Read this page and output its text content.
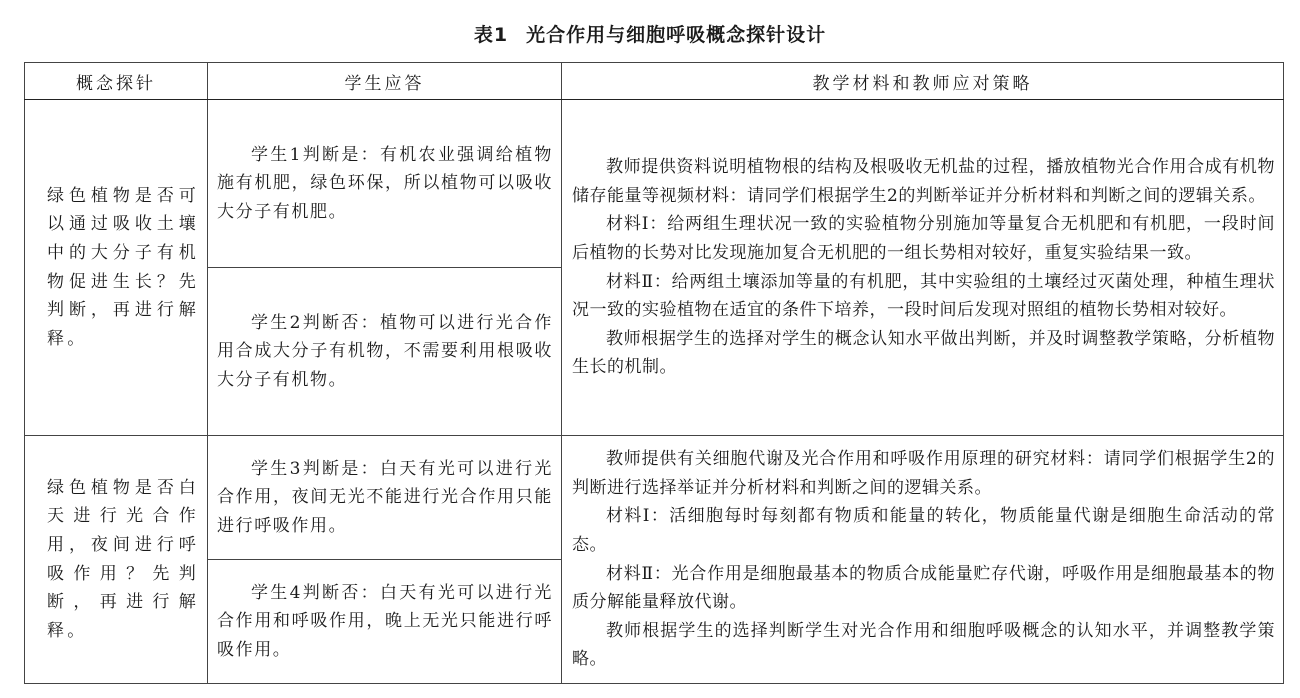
表1 光合作用与细胞呼吸概念探针设计
概念探针	学生应答	教学材料和教师应对策略
绿色植物是否可以通过吸收土壤中的大分子有机物促进生长？先判断，再进行解释。	学生1判断是：有机农业强调给植物施有机肥，绿色环保，所以植物可以吸收大分子有机肥。	教师提供资料说明植物根的结构及根吸收无机盐的过程，播放植物光合作用合成有机物储存能量等视频材料：请同学们根据学生2的判断举证并分析材料和判断之间的逻辑关系。

材料Ⅰ：给两组生理状况一致的实验植物分别施加等量复合无机肥和有机肥，一段时间后植物的长势对比发现施加复合无机肥的一组长势相对较好，重复实验结果一致。

材料Ⅱ：给两组土壤添加等量的有机肥，其中实验组的土壤经过灭菌处理，种植生理状况一致的实验植物在适宜的条件下培养，一段时间后发现对照组的植物长势相对较好。

教师根据学生的选择对学生的概念认知水平做出判断，并及时调整教学策略，分析植物生长的机制。

	学生2判断否：植物可以进行光合作用合成大分子有机物，不需要利用根吸收大分子有机物。	

绿色植物是否白天进行光合作用，夜间进行呼吸作用？先判断，再进行解释。	学生3判断是：白天有光可以进行光合作用，夜间无光不能进行光合作用只能进行呼吸作用。	教师提供有关细胞代谢及光合作用和呼吸作用原理的研究材料：请同学们根据学生2的判断进行选择举证并分析材料和判断之间的逻辑关系。

材料Ⅰ：活细胞每时每刻都有物质和能量的转化，物质能量代谢是细胞生命活动的常态。

材料Ⅱ：光合作用是细胞最基本的物质合成能量贮存代谢，呼吸作用是细胞最基本的物质分解能量释放代谢。

教师根据学生的选择判断学生对光合作用和细胞呼吸概念的认知水平，并调整教学策略。

	学生4判断否：白天有光可以进行光合作用和呼吸作用，晚上无光只能进行呼吸作用。	
